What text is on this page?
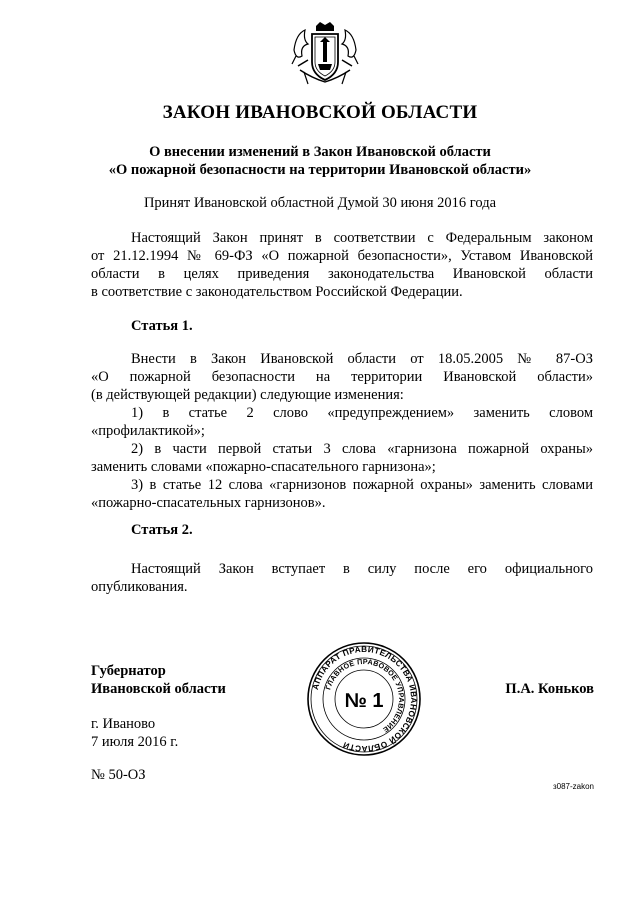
ЗАКОН ИВАНОВСКОЙ ОБЛАСТИ
О внесении изменений в Закон Ивановской области
«О пожарной безопасности на территории Ивановской области»

Принят Ивановской областной Думой 30 июня 2016 года

Настоящий Закон принят в соответствии с Федеральным законом
от 21.12.1994 № 69-ФЗ «О пожарной безопасности», Уставом Ивановской
области в целях приведения законодательства Ивановской области
в соответствие с законодательством Российской Федерации.
Статья 1.
Внести в Закон Ивановской области от 18.05.2005 № 87-ОЗ
«О пожарной безопасности на территории Ивановской области»
(в действующей редакции) следующие изменения:
1) в статье 2 слово «предупреждением» заменить словом
«профилактикой»;
2) в части первой статьи 3 слова «гарнизона пожарной охраны»
заменить словами «пожарно-спасательного гарнизона»;
3) в статье 12 слова «гарнизонов пожарной охраны» заменить словами
«пожарно-спасательных гарнизонов».
Статья 2.
Настоящий Закон вступает в силу после его официального
опубликования.
Губернатор
Ивановской области	АППАРАТ ПРАВИТЕЛЬСТВА ИВАНОВСКОЙ ОБЛАСТИ
ГЛАВНОЕ ПРАВОВОЕ УПРАВЛЕНИЕ
№ 1
П.А. Коньков
г. Иваново
7 июля 2016 г.
№ 50-ОЗ
з087-zakon
